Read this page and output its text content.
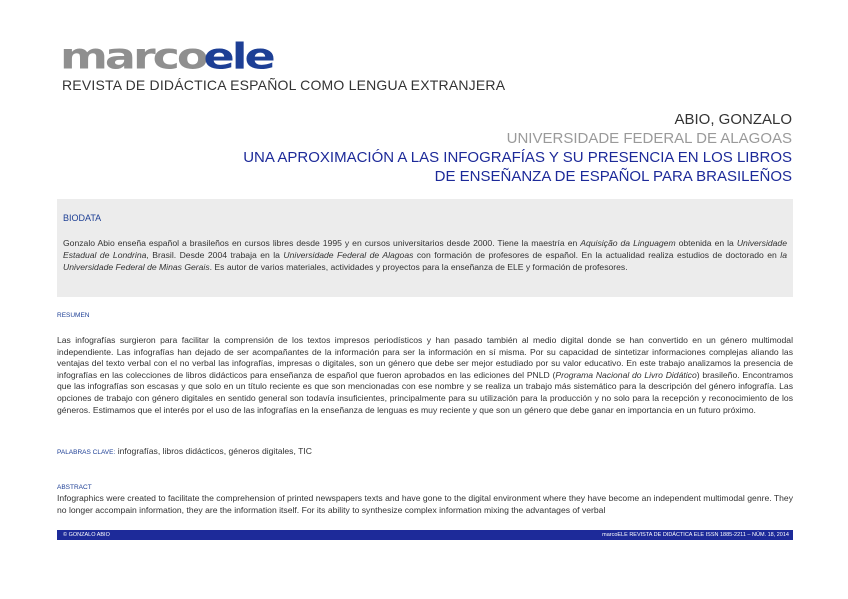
marcoele
REVISTA DE DIDÁCTICA ESPAÑOL COMO LENGUA EXTRANJERA
ABIO, GONZALO
UNIVERSIDADE FEDERAL DE ALAGOAS
UNA APROXIMACIÓN A LAS INFOGRAFÍAS Y SU PRESENCIA EN LOS LIBROS
DE ENSEÑANZA DE ESPAÑOL PARA BRASILEÑOS
BIODATA

Gonzalo Abio enseña español a brasileños en cursos libres desde 1995 y en cursos universitarios desde 2000. Tiene la maestría en Aquisição da Linguagem obtenida en la Universidade Estadual de Londrina, Brasil. Desde 2004 trabaja en la Universidade Federal de Alagoas con formación de profesores de español. En la actualidad realiza estudios de doctorado en la Universidade Federal de Minas Gerais. Es autor de varios materiales, actividades y proyectos para la enseñanza de ELE y formación de profesores.

RESUMEN

Las infografías surgieron para facilitar la comprensión de los textos impresos periodísticos y han pasado también al medio digital donde se han convertido en un género multimodal independiente. Las infografías han dejado de ser acompañantes de la información para ser la información en sí misma. Por su capacidad de sintetizar informaciones complejas aliando las ventajas del texto verbal con el no verbal las infografías, impresas o digitales, son un género que debe ser mejor estudiado por su valor educativo. En este trabajo analizamos la presencia de infografías en las colecciones de libros didácticos para enseñanza de español que fueron aprobados en las ediciones del PNLD (Programa Nacional do Livro Didático) brasileño. Encontramos que las infografías son escasas y que solo en un título reciente es que son mencionadas con ese nombre y se realiza un trabajo más sistemático para la descripción del género infografía. Las opciones de trabajo con género digitales en sentido general son todavía insuficientes, principalmente para su utilización para la producción y no solo para la recepción y reconocimiento de los géneros. Estimamos que el interés por el uso de las infografías en la enseñanza de lenguas es muy reciente y que son un género que debe ganar en importancia en un futuro próximo.

PALABRAS CLAVE: infografías, libros didácticos, géneros digitales, TIC
ABSTRACT

Infographics were created to facilitate the comprehension of printed newspapers texts and have gone to the digital environment where they have become an independent multimodal genre. They no longer accompain information, they are the information itself. For its ability to synthesize complex information mixing the advantages of verbal

© GONZALO ABIO	marcoELE REVISTA DE DIDÁCTICA ELE ISSN 1885-2211 – NÚM. 18, 2014
